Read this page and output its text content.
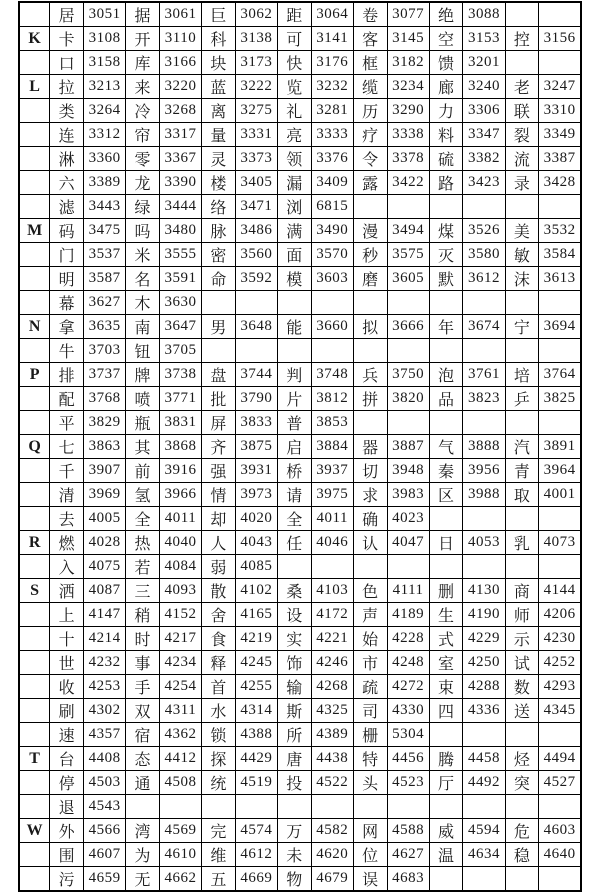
	居	3051	据	3061	巨	3062	距	3064	卷	3077	绝	3088		
K	卡	3108	开	3110	科	3138	可	3141	客	3145	空	3153	控	3156
	口	3158	库	3166	块	3173	快	3176	框	3182	馈	3201		
L	拉	3213	来	3220	蓝	3222	览	3232	缆	3234	廊	3240	老	3247
	类	3264	冷	3268	离	3275	礼	3281	历	3290	力	3306	联	3310
	连	3312	帘	3317	量	3331	亮	3333	疗	3338	料	3347	裂	3349
	淋	3360	零	3367	灵	3373	领	3376	令	3378	硫	3382	流	3387
	六	3389	龙	3390	楼	3405	漏	3409	露	3422	路	3423	录	3428
	滤	3443	绿	3444	络	3471	浏	6815						
M	码	3475	吗	3480	脉	3486	满	3490	漫	3494	煤	3526	美	3532
	门	3537	米	3555	密	3560	面	3570	秒	3575	灭	3580	敏	3584
	明	3587	名	3591	命	3592	模	3603	磨	3605	默	3612	沫	3613
	幕	3627	木	3630										
N	拿	3635	南	3647	男	3648	能	3660	拟	3666	年	3674	宁	3694
	牛	3703	钮	3705										
P	排	3737	牌	3738	盘	3744	判	3748	兵	3750	泡	3761	培	3764
	配	3768	喷	3771	批	3790	片	3812	拼	3820	品	3823	乒	3825
	平	3829	瓶	3831	屏	3833	普	3853						
Q	七	3863	其	3868	齐	3875	启	3884	器	3887	气	3888	汽	3891
	千	3907	前	3916	强	3931	桥	3937	切	3948	秦	3956	青	3964
	清	3969	氢	3966	情	3973	请	3975	求	3983	区	3988	取	4001
	去	4005	全	4011	却	4020	全	4011	确	4023				
R	燃	4028	热	4040	人	4043	任	4046	认	4047	日	4053	乳	4073
	入	4075	若	4084	弱	4085								
S	洒	4087	三	4093	散	4102	桑	4103	色	4111	删	4130	商	4144
	上	4147	稍	4152	舍	4165	设	4172	声	4189	生	4190	师	4206
	十	4214	时	4217	食	4219	实	4221	始	4228	式	4229	示	4230
	世	4232	事	4234	释	4245	饰	4246	市	4248	室	4250	试	4252
	收	4253	手	4254	首	4255	输	4268	疏	4272	束	4288	数	4293
	刷	4302	双	4311	水	4314	斯	4325	司	4330	四	4336	送	4345
	速	4357	宿	4362	锁	4388	所	4389	栅	5304				
T	台	4408	态	4412	探	4429	唐	4438	特	4456	腾	4458	烃	4494
	停	4503	通	4508	统	4519	投	4522	头	4523	厅	4492	突	4527
	退	4543												
W	外	4566	湾	4569	完	4574	万	4582	网	4588	威	4594	危	4603
	围	4607	为	4610	维	4612	未	4620	位	4627	温	4634	稳	4640
	污	4659	无	4662	五	4669	物	4679	误	4683				
